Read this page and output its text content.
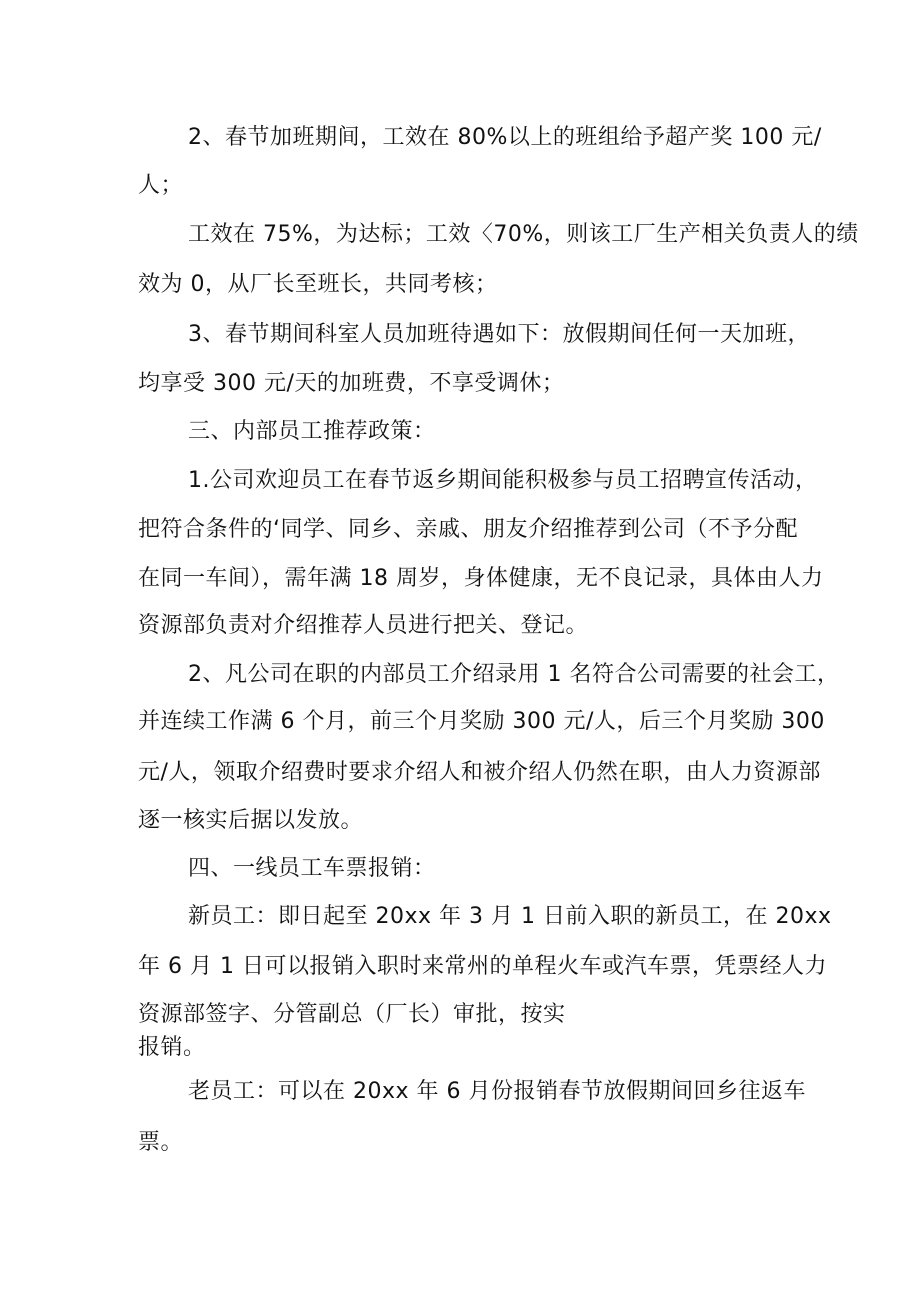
2、春节加班期间，工效在 80%以上的班组给予超产奖 100 元/
人；
工效在 75%，为达标；工效〈70%，则该工厂生产相关负责人的绩
效为 0，从厂长至班长，共同考核；
3、春节期间科室人员加班待遇如下：放假期间任何一天加班，
均享受 300 元/天的加班费，不享受调休；
三、内部员工推荐政策：
1.公司欢迎员工在春节返乡期间能积极参与员工招聘宣传活动，
把符合条件的‘同学、同乡、亲戚、朋友介绍推荐到公司（不予分配
在同一车间），需年满 18 周岁，身体健康，无不良记录，具体由人力
资源部负责对介绍推荐人员进行把关、登记。
2、凡公司在职的内部员工介绍录用 1 名符合公司需要的社会工，
并连续工作满 6 个月，前三个月奖励 300 元/人，后三个月奖励 300
元/人，领取介绍费时要求介绍人和被介绍人仍然在职，由人力资源部
逐一核实后据以发放。
四、一线员工车票报销：
新员工：即日起至 20xx 年 3 月 1 日前入职的新员工，在 20xx
年 6 月 1 日可以报销入职时来常州的单程火车或汽车票，凭票经人力
资源部签字、分管副总（厂长）审批，按实
报销。
老员工：可以在 20xx 年 6 月份报销春节放假期间回乡往返车
票。
